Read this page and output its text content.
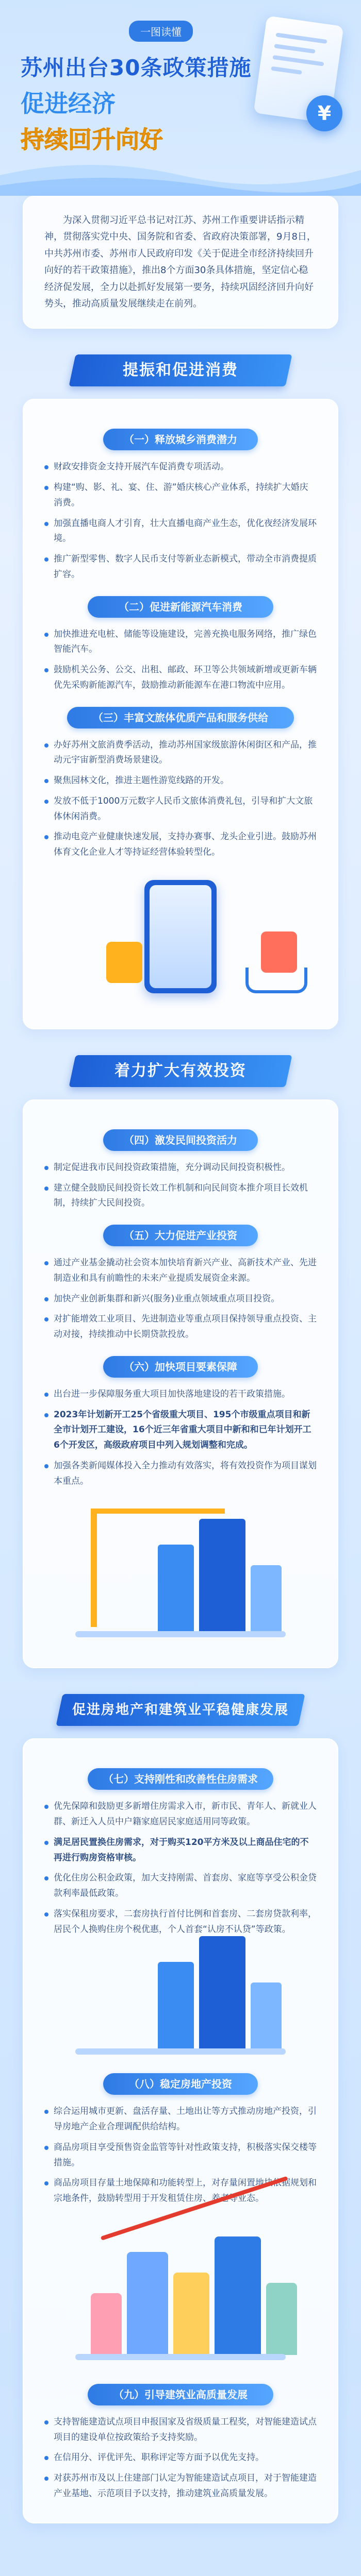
一图读懂
苏州出台30条政策措施
促进经济
持续回升向好
¥

为深入贯彻习近平总书记对江苏、苏州工作重要讲话指示精神，贯彻落实党中央、国务院和省委、省政府决策部署，9月8日，中共苏州市委、苏州市人民政府印发《关于促进全市经济持续回升向好的若干政策措施》，推出8个方面30条具体措施，坚定信心稳经济促发展，全力以赴抓好发展第一要务，持续巩固经济回升向好势头，推动高质量发展继续走在前列。

提振和促进消费
（一）释放城乡消费潜力
财政安排资金支持开展汽车促消费专项活动。
构建“购、影、礼、宴、住、游”婚庆核心产业体系，持续扩大婚庆消费。
加强直播电商人才引育，壮大直播电商产业生态，优化夜经济发展环境。
推广新型零售、数字人民币支付等新业态新模式，带动全市消费提质扩容。
（二）促进新能源汽车消费
加快推进充电桩、储能等设施建设，完善充换电服务网络，推广绿色智能汽车。
鼓励机关公务、公交、出租、邮政、环卫等公共领域新增或更新车辆优先采购新能源汽车，鼓励推动新能源车在港口物流中应用。
（三）丰富文旅体优质产品和服务供给
办好苏州文旅消费季活动，推动苏州国家级旅游休闲街区和产品，推动元宇宙新型消费场景建设。
聚焦园林文化，推进主题性游览线路的开发。
发放不低于1000万元数字人民币文旅体消费礼包，引导和扩大文旅体休闲消费。
推动电竞产业健康快速发展，支持办赛事、龙头企业引进。鼓励苏州体育文化企业人才等持证经营体验转型化。
着力扩大有效投资
（四）激发民间投资活力
制定促进我市民间投资政策措施，充分调动民间投资积极性。
建立健全鼓励民间投资长效工作机制和向民间资本推介项目长效机制，持续扩大民间投资。
（五）大力促进产业投资
通过产业基金撬动社会资本加快培育新兴产业、高新技术产业、先进制造业和具有前瞻性的未来产业提质发展资金来源。
加快产业创新集群和新兴(服务)业重点领域重点项目投资。
对扩能增效工业项目、先进制造业等重点项目保持领导重点投资、主动对接，持续推动中长期贷款投放。
（六）加快项目要素保障
出台进一步保障服务重大项目加快落地建设的若干政策措施。
2023年计划新开工25个省级重大项目、195个市级重点项目和新全市计划开工建设，16个近三年省重大项目中新和和已年计划开工6个开发区，高级政府项目中列入规划调整和完成。
加强各类新闻媒体投入全力推动有效落实，将有效投资作为项目谋划本重点。
促进房地产和建筑业平稳健康发展
（七）支持刚性和改善性住房需求
优先保障和鼓励更多新增住房需求入市，新市民、青年人、新就业人群、新迁入人员中户籍家庭居民家庭适用同等政策。
满足居民置换住房需求，对于购买120平方米及以上商品住宅的不再进行购房资格审核。
优化住房公积金政策，加大支持刚需、首套房、家庭等享受公积金贷款利率最低政策。
落实保租房要求，二套房执行首付比例和首套房、二套房贷款利率，居民个人换购住房个税优惠，个人首套“认房不认贷”等政策。
（八）稳定房地产投资
综合运用城市更新、盘活存量、土地出让等方式推动房地产投资，引导房地产企业合理调配供给结构。
商品房项目享受预售资金监管等针对性政策支持，积极落实保交楼等措施。
商品房项目存量土地保障和功能转型上，对存量闲置地块依据规划和宗地条件，鼓励转型用于开发租赁住房、养老等业态。
（九）引导建筑业高质量发展
支持智能建造试点项目申报国家及省级质量工程奖，对智能建造试点项目的建设单位按政策给予支持奖励。
在信用分、评优评先、职称评定等方面予以优先支持。
对获苏州市及以上住建部门认定为智能建造试点项目，对于智能建造产业基地、示范项目予以支持，推动建筑业高质量发展。
